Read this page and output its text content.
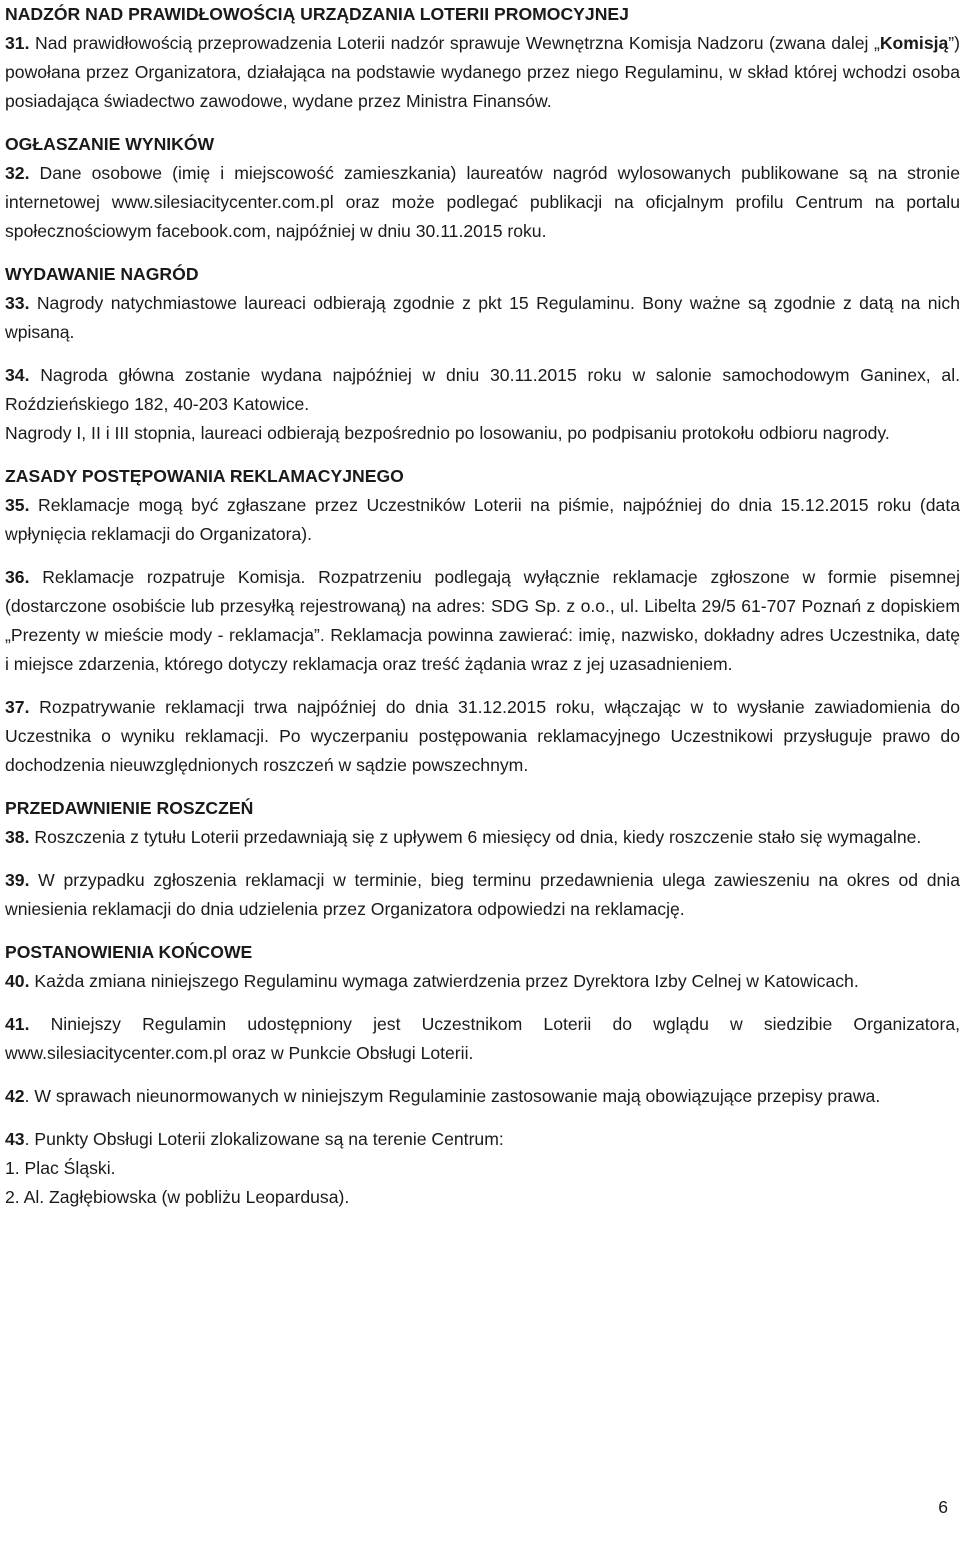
NADZÓR NAD PRAWIDŁOWOŚCIĄ URZĄDZANIA LOTERII PROMOCYJNEJ

31. Nad prawidłowością przeprowadzenia Loterii nadzór sprawuje Wewnętrzna Komisja Nadzoru (zwana dalej „Komisją”) powołana przez Organizatora, działająca na podstawie wydanego przez niego Regulaminu, w skład której wchodzi osoba posiadająca świadectwo zawodowe, wydane przez Ministra Finansów.

OGŁASZANIE WYNIKÓW

32. Dane osobowe (imię i miejscowość zamieszkania) laureatów nagród wylosowanych publikowane są na stronie internetowej www.silesiacitycenter.com.pl oraz może podlegać publikacji na oficjalnym profilu Centrum na portalu społecznościowym facebook.com, najpóźniej w dniu 30.11.2015 roku.

WYDAWANIE NAGRÓD

33. Nagrody natychmiastowe laureaci odbierają zgodnie z pkt 15 Regulaminu. Bony ważne są zgodnie z datą na nich wpisaną.

34. Nagroda główna zostanie wydana najpóźniej w dniu 30.11.2015 roku w salonie samochodowym Ganinex, al. Roździeńskiego 182, 40-203 Katowice.

Nagrody I, II i III stopnia, laureaci odbierają bezpośrednio po losowaniu, po podpisaniu protokołu odbioru nagrody.

ZASADY POSTĘPOWANIA REKLAMACYJNEGO

35. Reklamacje mogą być zgłaszane przez Uczestników Loterii na piśmie, najpóźniej do dnia 15.12.2015 roku (data wpłynięcia reklamacji do Organizatora).

36. Reklamacje rozpatruje Komisja. Rozpatrzeniu podlegają wyłącznie reklamacje zgłoszone w formie pisemnej (dostarczone osobiście lub przesyłką rejestrowaną) na adres: SDG Sp. z o.o., ul. Libelta 29/5 61-707 Poznań z dopiskiem „Prezenty w mieście mody - reklamacja”. Reklamacja powinna zawierać: imię, nazwisko, dokładny adres Uczestnika, datę i miejsce zdarzenia, którego dotyczy reklamacja oraz treść żądania wraz z jej uzasadnieniem.

37. Rozpatrywanie reklamacji trwa najpóźniej do dnia 31.12.2015 roku, włączając w to wysłanie zawiadomienia do Uczestnika o wyniku reklamacji. Po wyczerpaniu postępowania reklamacyjnego Uczestnikowi przysługuje prawo do dochodzenia nieuwzględnionych roszczeń w sądzie powszechnym.

PRZEDAWNIENIE ROSZCZEŃ

38. Roszczenia z tytułu Loterii przedawniają się z upływem 6 miesięcy od dnia, kiedy roszczenie stało się wymagalne.

39. W przypadku zgłoszenia reklamacji w terminie, bieg terminu przedawnienia ulega zawieszeniu na okres od dnia wniesienia reklamacji do dnia udzielenia przez Organizatora odpowiedzi na reklamację.

POSTANOWIENIA KOŃCOWE

40. Każda zmiana niniejszego Regulaminu wymaga zatwierdzenia przez Dyrektora Izby Celnej w Katowicach.

41. Niniejszy Regulamin udostępniony jest Uczestnikom Loterii do wglądu w siedzibie Organizatora, www.silesiacitycenter.com.pl oraz w Punkcie Obsługi Loterii.

42. W sprawach nieunormowanych w niniejszym Regulaminie zastosowanie mają obowiązujące przepisy prawa.

43. Punkty Obsługi Loterii zlokalizowane są na terenie Centrum:

1. Plac Śląski.

2. Al. Zagłębiowska (w pobliżu Leopardusa).

6
